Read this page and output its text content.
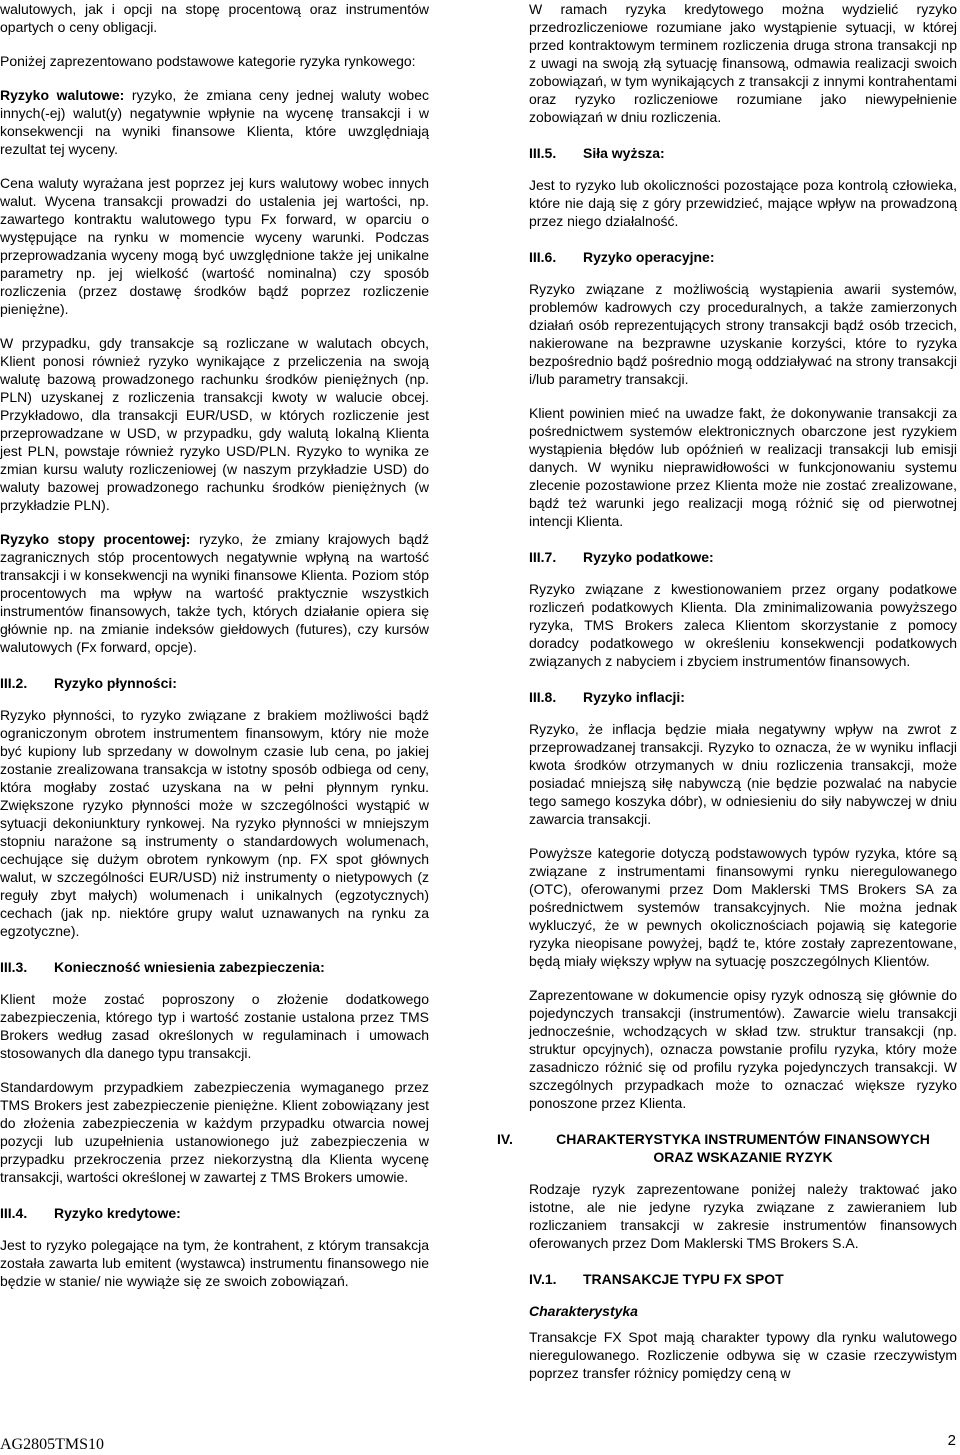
walutowych, jak i opcji na stopę procentową oraz instrumentów opartych o ceny obligacji.

Poniżej zaprezentowano podstawowe kategorie ryzyka rynkowego:

Ryzyko walutowe: ryzyko, że zmiana ceny jednej waluty wobec innych(-ej) walut(y) negatywnie wpłynie na wycenę transakcji i w konsekwencji na wyniki finansowe Klienta, które uwzględniają rezultat tej wyceny.

Cena waluty wyrażana jest poprzez jej kurs walutowy wobec innych walut. Wycena transakcji prowadzi do ustalenia jej wartości, np. zawartego kontraktu walutowego typu Fx forward, w oparciu o występujące na rynku w momencie wyceny warunki. Podczas przeprowadzania wyceny mogą być uwzględnione także jej unikalne parametry np. jej wielkość (wartość nominalna) czy sposób rozliczenia (przez dostawę środków bądź poprzez rozliczenie pieniężne).

W przypadku, gdy transakcje są rozliczane w walutach obcych, Klient ponosi również ryzyko wynikające z przeliczenia na swoją walutę bazową prowadzonego rachunku środków pieniężnych (np. PLN) uzyskanej z rozliczenia transakcji kwoty w walucie obcej. Przykładowo, dla transakcji EUR/USD, w których rozliczenie jest przeprowadzane w USD, w przypadku, gdy walutą lokalną Klienta jest PLN, powstaje również ryzyko USD/PLN. Ryzyko to wynika ze zmian kursu waluty rozliczeniowej (w naszym przykładzie USD) do waluty bazowej prowadzonego rachunku środków pieniężnych (w przykładzie PLN).

Ryzyko stopy procentowej: ryzyko, że zmiany krajowych bądź zagranicznych stóp procentowych negatywnie wpłyną na wartość transakcji i w konsekwencji na wyniki finansowe Klienta. Poziom stóp procentowych ma wpływ na wartość praktycznie wszystkich instrumentów finansowych, także tych, których działanie opiera się głównie np. na zmianie indeksów giełdowych (futures), czy kursów walutowych (Fx forward, opcje).

III.2.	Ryzyko płynności:

Ryzyko płynności, to ryzyko związane z brakiem możliwości bądź ograniczonym obrotem instrumentem finansowym, który nie może być kupiony lub sprzedany w dowolnym czasie lub cena, po jakiej zostanie zrealizowana transakcja w istotny sposób odbiega od ceny, która mogłaby zostać uzyskana na w pełni płynnym rynku. Zwiększone ryzyko płynności może w szczególności wystąpić w sytuacji dekoniunktury rynkowej. Na ryzyko płynności w mniejszym stopniu narażone są instrumenty o standardowych wolumenach, cechujące się dużym obrotem rynkowym (np. FX spot głównych walut, w szczególności EUR/USD) niż instrumenty o nietypowych (z reguły zbyt małych) wolumenach i unikalnych (egzotycznych) cechach (jak np. niektóre grupy walut uznawanych na rynku za egzotyczne).

III.3.	Konieczność wniesienia zabezpieczenia:

Klient może zostać poproszony o złożenie dodatkowego zabezpieczenia, którego typ i wartość zostanie ustalona przez TMS Brokers według zasad określonych w regulaminach i umowach stosowanych dla danego typu transakcji.

Standardowym przypadkiem zabezpieczenia wymaganego przez TMS Brokers jest zabezpieczenie pieniężne. Klient zobowiązany jest do złożenia zabezpieczenia w każdym przypadku otwarcia nowej pozycji lub uzupełnienia ustanowionego już zabezpieczenia w przypadku przekroczenia przez niekorzystną dla Klienta wycenę transakcji, wartości określonej w zawartej z TMS Brokers umowie.

III.4.	Ryzyko kredytowe:

Jest to ryzyko polegające na tym, że kontrahent, z którym transakcja została zawarta lub emitent (wystawca) instrumentu finansowego nie będzie w stanie/ nie wywiąże się ze swoich zobowiązań.

W ramach ryzyka kredytowego można wydzielić ryzyko przedrozliczeniowe rozumiane jako wystąpienie sytuacji, w której przed kontraktowym terminem rozliczenia druga strona transakcji np z uwagi na swoją złą sytuację finansową, odmawia realizacji swoich zobowiązań, w tym wynikających z transakcji z innymi kontrahentami oraz ryzyko rozliczeniowe rozumiane jako niewypełnienie zobowiązań w dniu rozliczenia.

III.5.	Siła wyższa:

Jest to ryzyko lub okoliczności pozostające poza kontrolą człowieka, które nie dają się z góry przewidzieć, mające wpływ na prowadzoną przez niego działalność.

III.6.	Ryzyko operacyjne:

Ryzyko związane z możliwością wystąpienia awarii systemów, problemów kadrowych czy proceduralnych, a także zamierzonych działań osób reprezentujących strony transakcji bądź osób trzecich, nakierowane na bezprawne uzyskanie korzyści, które to ryzyka bezpośrednio bądź pośrednio mogą oddziaływać na strony transakcji i/lub parametry transakcji.

Klient powinien mieć na uwadze fakt, że dokonywanie transakcji za pośrednictwem systemów elektronicznych obarczone jest ryzykiem wystąpienia błędów lub opóźnień w realizacji transakcji lub emisji danych. W wyniku nieprawidłowości w funkcjonowaniu systemu zlecenie pozostawione przez Klienta może nie zostać zrealizowane, bądź też warunki jego realizacji mogą różnić się od pierwotnej intencji Klienta.

III.7.	Ryzyko podatkowe:

Ryzyko związane z kwestionowaniem przez organy podatkowe rozliczeń podatkowych Klienta. Dla zminimalizowania powyższego ryzyka, TMS Brokers zaleca Klientom skorzystanie z pomocy doradcy podatkowego w określeniu konsekwencji podatkowych związanych z nabyciem i zbyciem instrumentów finansowych.

III.8.	Ryzyko inflacji:

Ryzyko, że inflacja będzie miała negatywny wpływ na zwrot z przeprowadzanej transakcji. Ryzyko to oznacza, że w wyniku inflacji kwota środków otrzymanych w dniu rozliczenia transakcji, może posiadać mniejszą siłę nabywczą (nie będzie pozwalać na nabycie tego samego koszyka dóbr), w odniesieniu do siły nabywczej w dniu zawarcia transakcji.

Powyższe kategorie dotyczą podstawowych typów ryzyka, które są związane z instrumentami finansowymi rynku nieregulowanego (OTC), oferowanymi przez Dom Maklerski TMS Brokers SA za pośrednictwem systemów transakcyjnych. Nie można jednak wykluczyć, że w pewnych okolicznościach pojawią się kategorie ryzyka nieopisane powyżej, bądź te, które zostały zaprezentowane, będą miały większy wpływ na sytuację poszczególnych Klientów.

Zaprezentowane w dokumencie opisy ryzyk odnoszą się głównie do pojedynczych transakcji (instrumentów). Zawarcie wielu transakcji jednocześnie, wchodzących w skład tzw. struktur transakcji (np. struktur opcyjnych), oznacza powstanie profilu ryzyka, który może zasadniczo różnić się od profilu ryzyka pojedynczych transakcji. W szczególnych przypadkach może to oznaczać większe ryzyko ponoszone przez Klienta.

IV.	CHARAKTERYSTYKA INSTRUMENTÓW FINANSOWYCH
ORAZ WSKAZANIE RYZYK

Rodzaje ryzyk zaprezentowane poniżej należy traktować jako istotne, ale nie jedyne ryzyka związane z zawieraniem lub rozliczaniem transakcji w zakresie instrumentów finansowych oferowanych przez Dom Maklerski TMS Brokers S.A.

IV.1.	TRANSAKCJE TYPU FX SPOT
Charakterystyka

Transakcje FX Spot mają charakter typowy dla rynku walutowego nieregulowanego. Rozliczenie odbywa się w czasie rzeczywistym poprzez transfer różnicy pomiędzy ceną w

AG2805TMS10	2
